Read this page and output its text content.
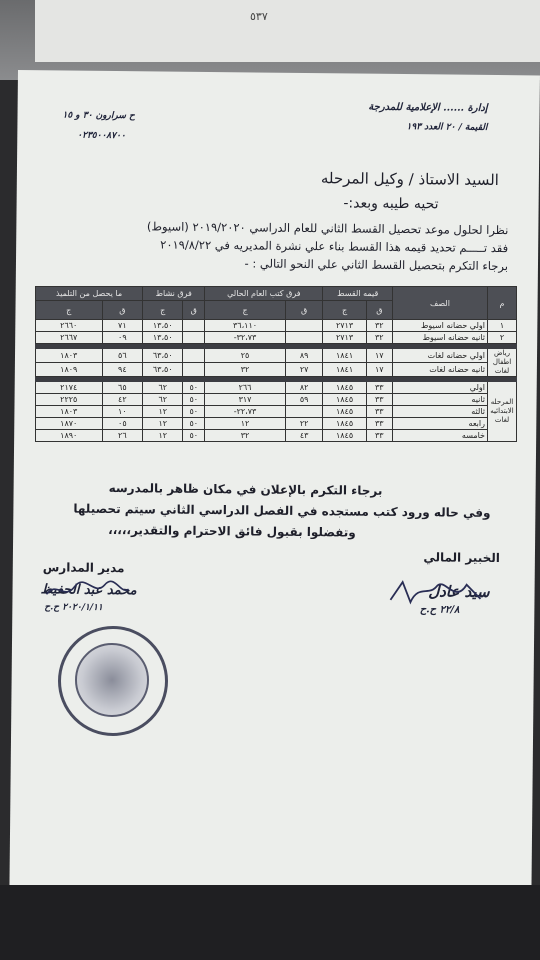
٥٣٧
إدارة ...... الإعلامية للمدرجة
القيمة / ٢٠ العدد ١٩٣
ح سرارون ٣٠ و ١٥
٠٢٣٥٠٠٨٧٠٠
السيد الاستاذ / وكيل المرحله
تحيه طيبه وبعد:-
نظرا لحلول موعد تحصيل القسط الثاني للعام الدراسي ٢٠١٩/٢٠٢٠ (اسيوط)
فقد تـــــم تحديد قيمه هذا القسط بناء علي نشرة المديريه في ٢٠١٩/٨/٢٢
برجاء التكرم بتحصيل القسط الثاني علي النحو التالي : -
برجاء التكرم بالإعلان في مكان ظاهر بالمدرسه
وفي حاله ورود كتب مستجده في الفصل الدراسي الثاني سيتم تحصيلها
وتفضلوا بقبول فائق الاحترام والتقدير،،،،،
الخبير المالي
مدير المدارس
محمد عبد الحفيظ
٢٠٢٠/١/١١ ح.ح
سيد عادل
٢٢/٨ ح.ح
م	الصف	قيمه القسط		فرق كتب العام الحالي		فرق نشاط		ما يحصل من التلميذ	
		ق	ج	ق	ج	ق	ج	ق	ج
١	اولي حضانه اسيوط	٣٢	٢٧١٣		٣٦،١١٠		١٣،٥٠	٧١	٢٦٦٠
٢	ثانيه حضانه اسيوط	٣٢	٢٧١٣		٣٢،٧٣-		١٣،٥٠	٠٩	٢٦٦٧

رياض اطفال لغات	اولي حضانه لغات	١٧	١٨٤١	٨٩	٢٥		٦٣،٥٠	٥٦	١٨٠٣
	ثانيه حضانه لغات	١٧	١٨٤١	٢٧	٣٢		٦٣،٥٠	٩٤	١٨٠٩

المرحله الابتدائيه لغات	اولي	٣٣	١٨٤٥	٨٢	٢٦٦	٥٠	٦٢	٦٥	٢١٧٤
	ثانيه	٣٣	١٨٤٥	٥٩	٣١٧	٥٠	٦٢	٤٢	٢٢٢٥
	ثالثه	٣٣	١٨٤٥		٢٢،٧٣-	٥٠	١٢	١٠	١٨٠٣
	رابعه	٣٣	١٨٤٥	٢٢	١٢	٥٠	١٢	٠٥	١٨٧٠
	خامسه	٣٣	١٨٤٥	٤٣	٣٢	٥٠	١٢	٢٦	١٨٩٠
